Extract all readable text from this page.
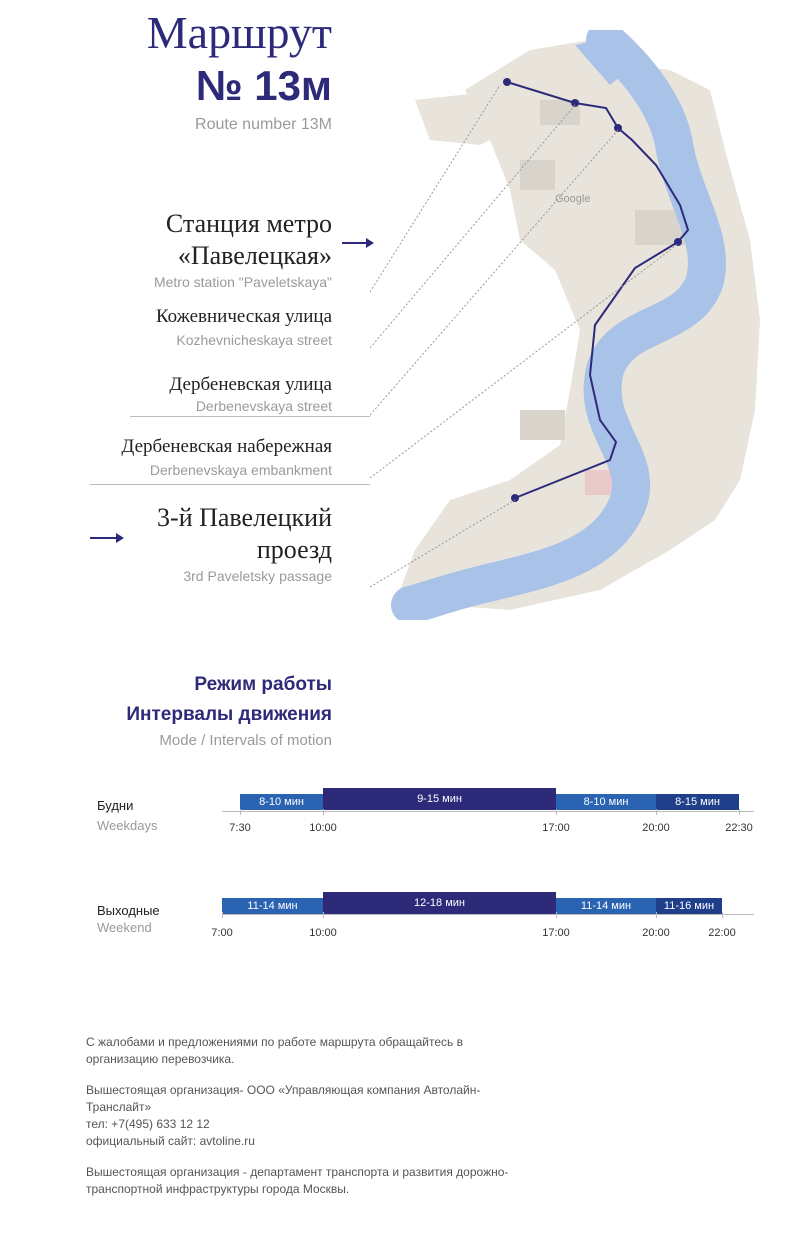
Маршрут
№ 13м
Route number 13M
Google
Станция метро
«Павелецкая»
Metro station "Paveletskaya"
Кожевническая улица
Kozhevnicheskaya street
Дербеневская улица
Derbenevskaya street
Дербеневская набережная
Derbenevskaya embankment
3-й Павелецкий
проезд
3rd Paveletsky passage
Режим работы
Интервалы движения
Mode / Intervals of motion
Будни
Weekdays
8-10 мин	9-15 мин	8-10 мин	8-15 мин
7:30	10:00	17:00	20:00	22:30
Выходные
Weekend
11-14 мин	12-18 мин	11-14 мин	11-16 мин
7:00	10:00	17:00	20:00	22:00

С жалобами и предложениями по работе маршрута обращайтесь в организацию перевозчика.

Вышестоящая организация- ООО «Управляющая компания Автолайн-Транслайт»
тел: +7(495) 633 12 12
официальный сайт: avtoline.ru

Вышестоящая организация - департамент транспорта и развития дорожно-транспортной инфраструктуры города Москвы.
